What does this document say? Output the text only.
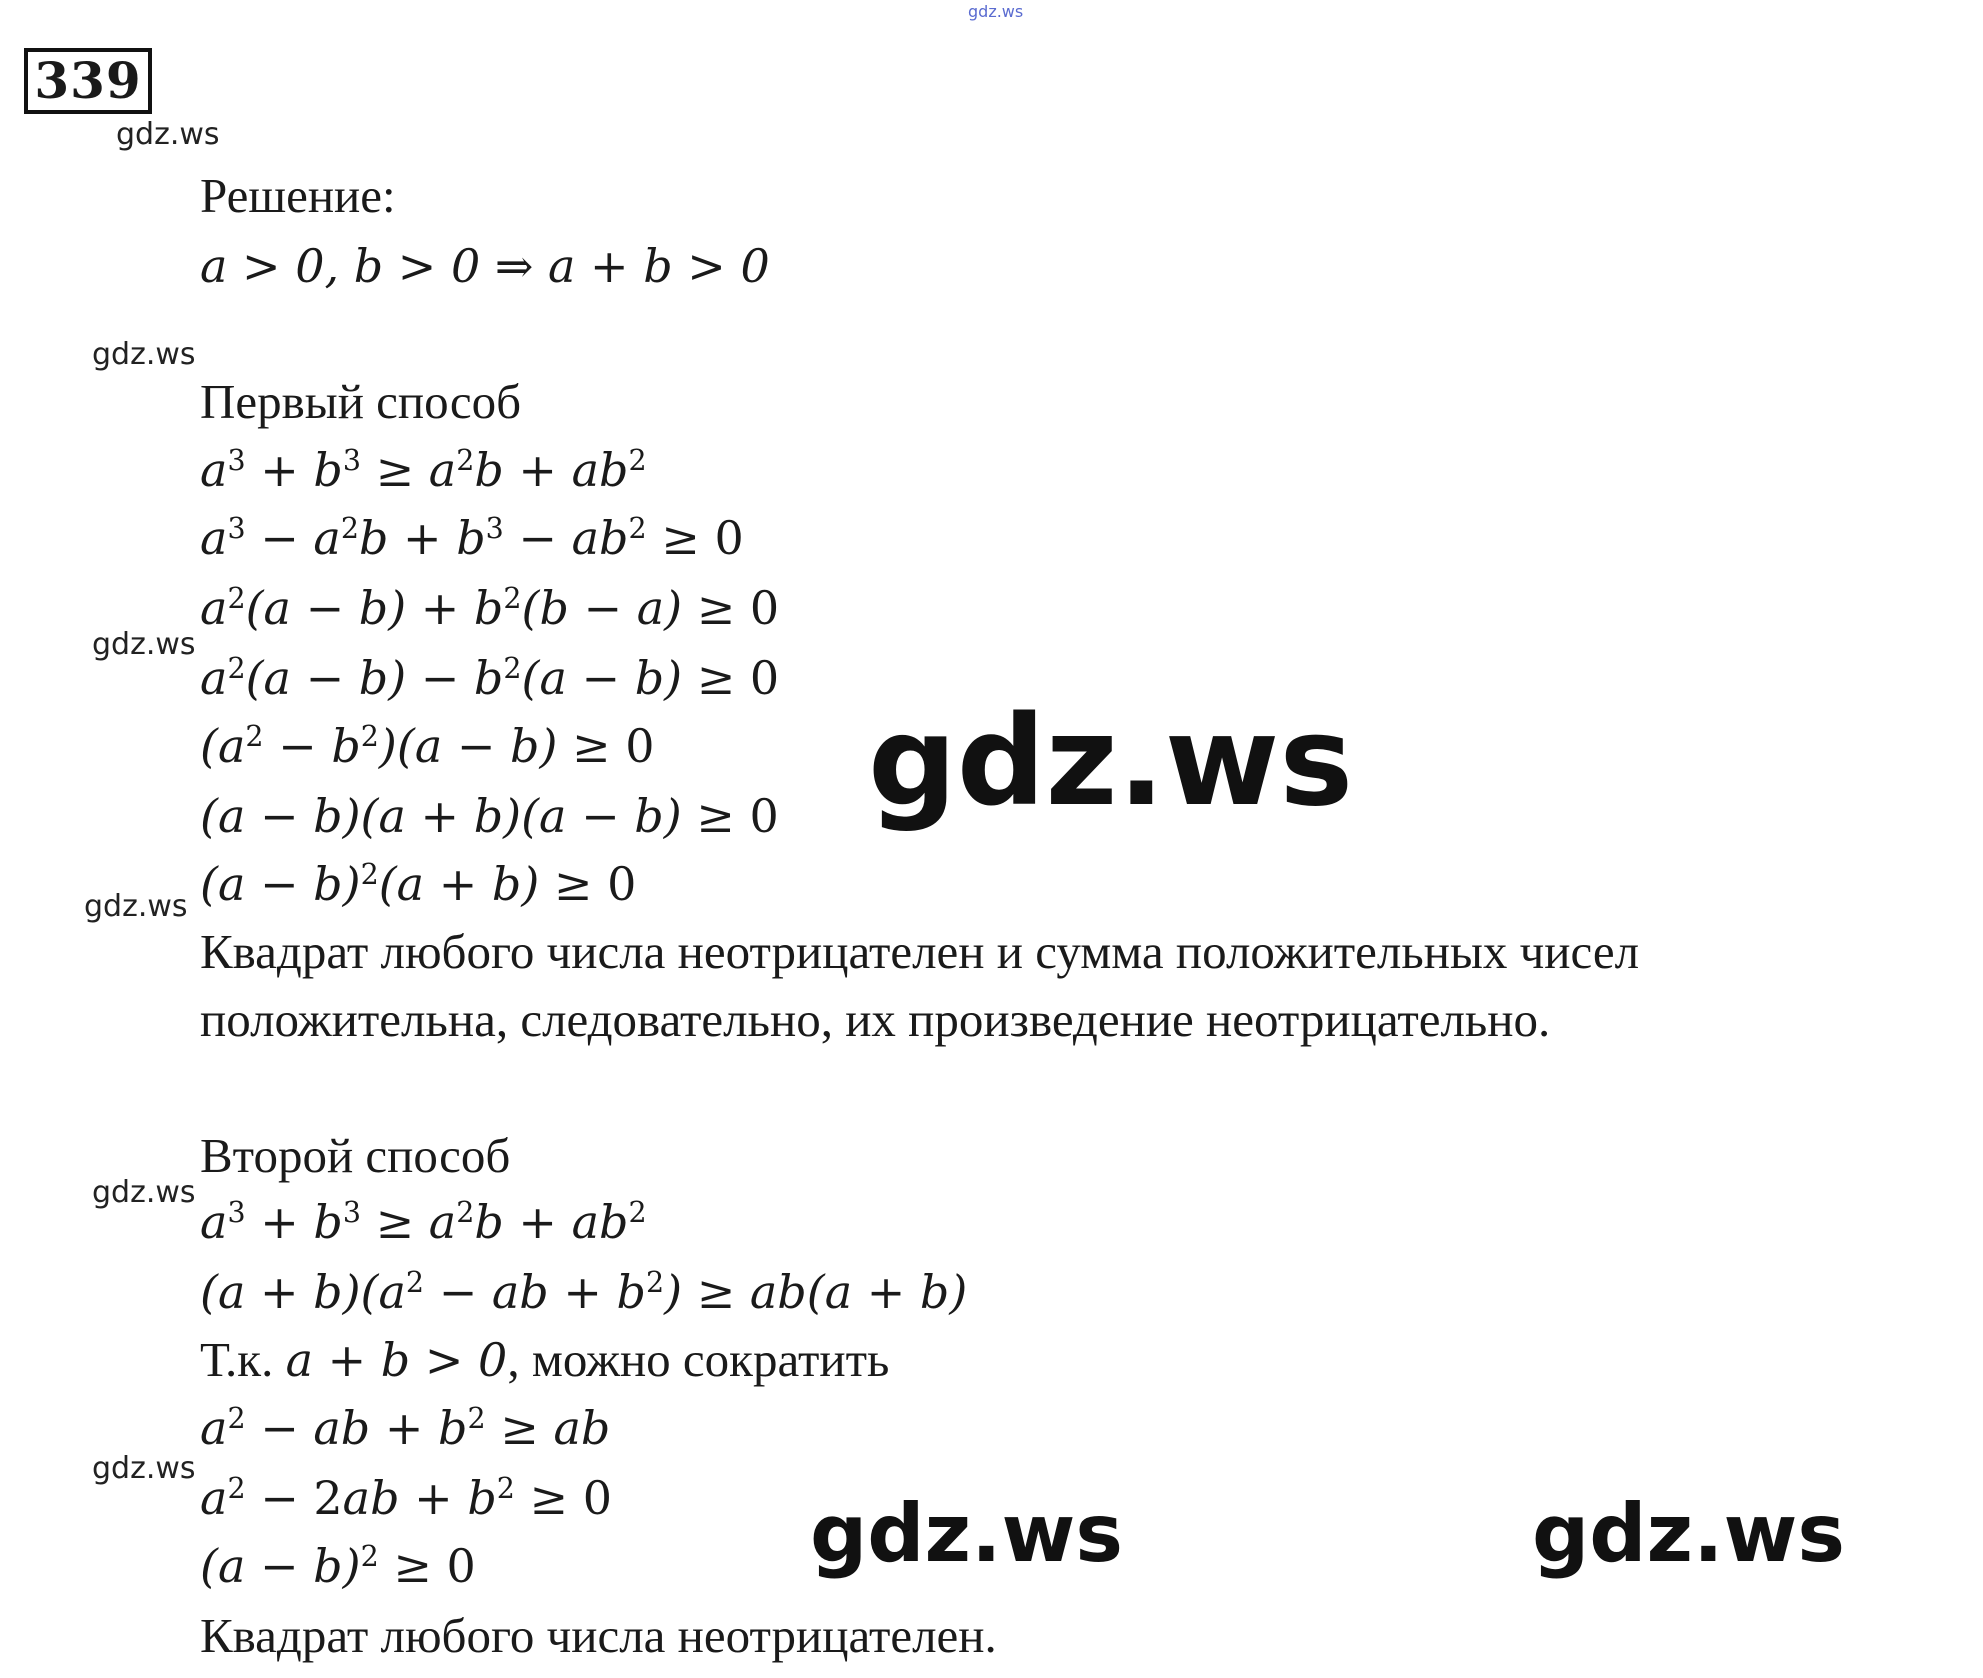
gdz.ws
339
gdz.ws
Решение:
a > 0, b > 0 ⇒ a + b > 0
gdz.ws
Первый способ
$a^3 + b^3 \ge a^2b + ab^2$
$a^3 - a^2b + b^3 - ab^2 \ge 0$
$a^2(a - b) + b^2(b - a) \ge 0$
gdz.ws
$a^2(a - b) - b^2(a - b) \ge 0$
$(a^2 - b^2)(a - b) \ge 0$
(a − b)(a + b)(a − b) ≥ 0 gdz.ws
gdz.ws $(a - b)^2(a + b) \ge 0$
Квадрат любого числа неотрицателен и сумма положительных чисел
положительна, следовательно, их произведение неотрицательно.
Второй способ
gdz.ws
$a^3 + b^3 \ge a^2b + ab^2$
$(a + b)(a^2$ − ab + $b^2) \ge ab(a + b)$
Т.к. a + b > 0, можно сократить
$a^2$ − ab + $b^2$ ≥ ab
gdz.ws
$a^2 - 2ab + b^2 \ge 0$ gdz.ws	gdz.ws
$(a - b)^2 \ge 0$
Квадрат любого числа неотрицателен.
